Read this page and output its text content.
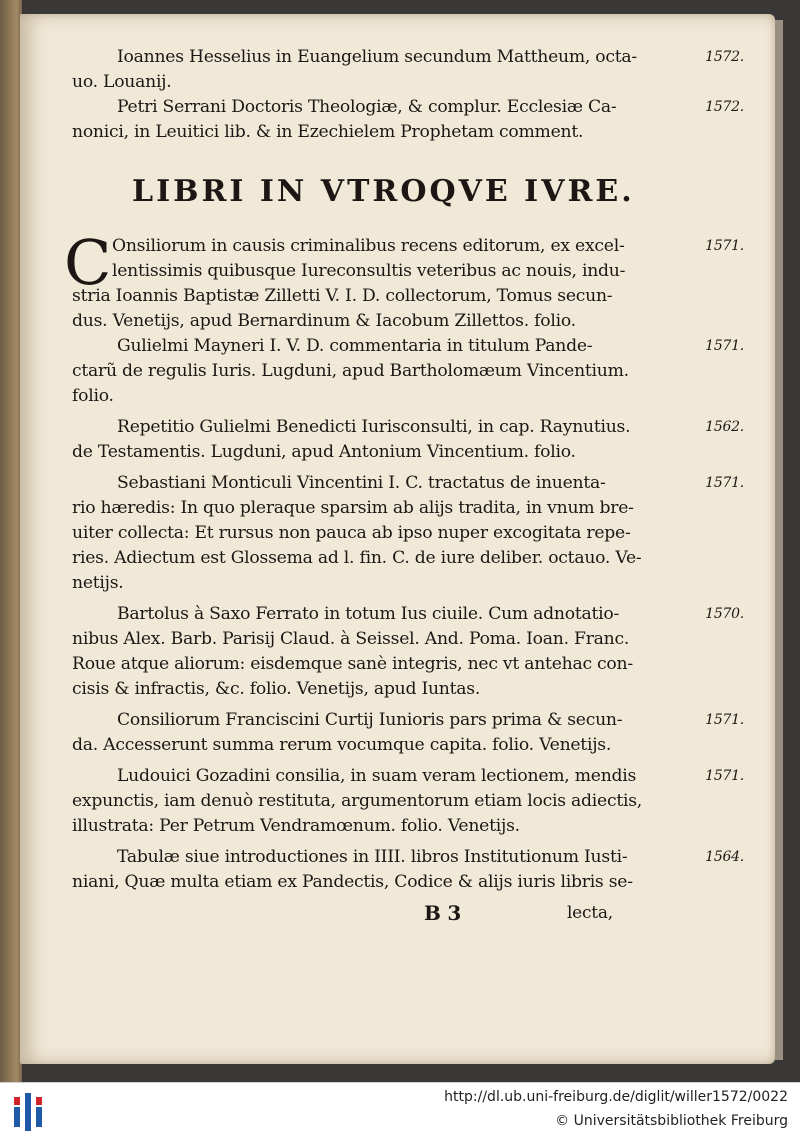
Ioannes Hesselius in Euangelium secundum Mattheum, octa-
uo. Louanij.
1572.
Petri Serrani Doctoris Theologiæ, & complur. Ecclesiæ Ca-
nonici, in Leuitici lib. & in Ezechielem Prophetam comment.
1572.
LIBRI IN VTROQVE IVRE.
C Onsiliorum in causis criminalibus recens editorum, ex excel-
lentissimis quibusque Iureconsultis veteribus ac nouis, indu-
stria Ioannis Baptistæ Zilletti V. I. D. collectorum, Tomus secun-
dus. Venetijs, apud Bernardinum & Iacobum Zillettos. folio.
1571.
Gulielmi Mayneri I. V. D. commentaria in titulum Pande-
ctarũ de regulis Iuris. Lugduni, apud Bartholomæum Vincentium.
folio.
1571.
Repetitio Gulielmi Benedicti Iurisconsulti, in cap. Raynutius.
de Testamentis. Lugduni, apud Antonium Vincentium. folio.
1562.
Sebastiani Monticuli Vincentini I. C. tractatus de inuenta-
rio hæredis: In quo pleraque sparsim ab alijs tradita, in vnum bre-
uiter collecta: Et rursus non pauca ab ipso nuper excogitata repe-
ries. Adiectum est Glossema ad l. fin. C. de iure deliber. octauo. Ve-
netijs.
1571.
Bartolus à Saxo Ferrato in totum Ius ciuile. Cum adnotatio-
nibus Alex. Barb. Parisij Claud. à Seissel. And. Poma. Ioan. Franc.
Roue atque aliorum: eisdemque sanè integris, nec vt antehac con-
cisis & infractis, &c. folio. Venetijs, apud Iuntas.
1570.
Consiliorum Franciscini Curtij Iunioris pars prima & secun-
da. Accesserunt summa rerum vocumque capita. folio. Venetijs.
1571.
Ludouici Gozadini consilia, in suam veram lectionem, mendis
expunctis, iam denuò restituta, argumentorum etiam locis adiectis,
illustrata: Per Petrum Vendramœnum. folio. Venetijs.
1571.
Tabulæ siue introductiones in IIII. libros Institutionum Iusti-
niani, Quæ multa etiam ex Pandectis, Codice & alijs iuris libris se-
1564.
B 3	lecta,
http://dl.ub.uni-freiburg.de/diglit/willer1572/0022
© Universitätsbibliothek Freiburg
